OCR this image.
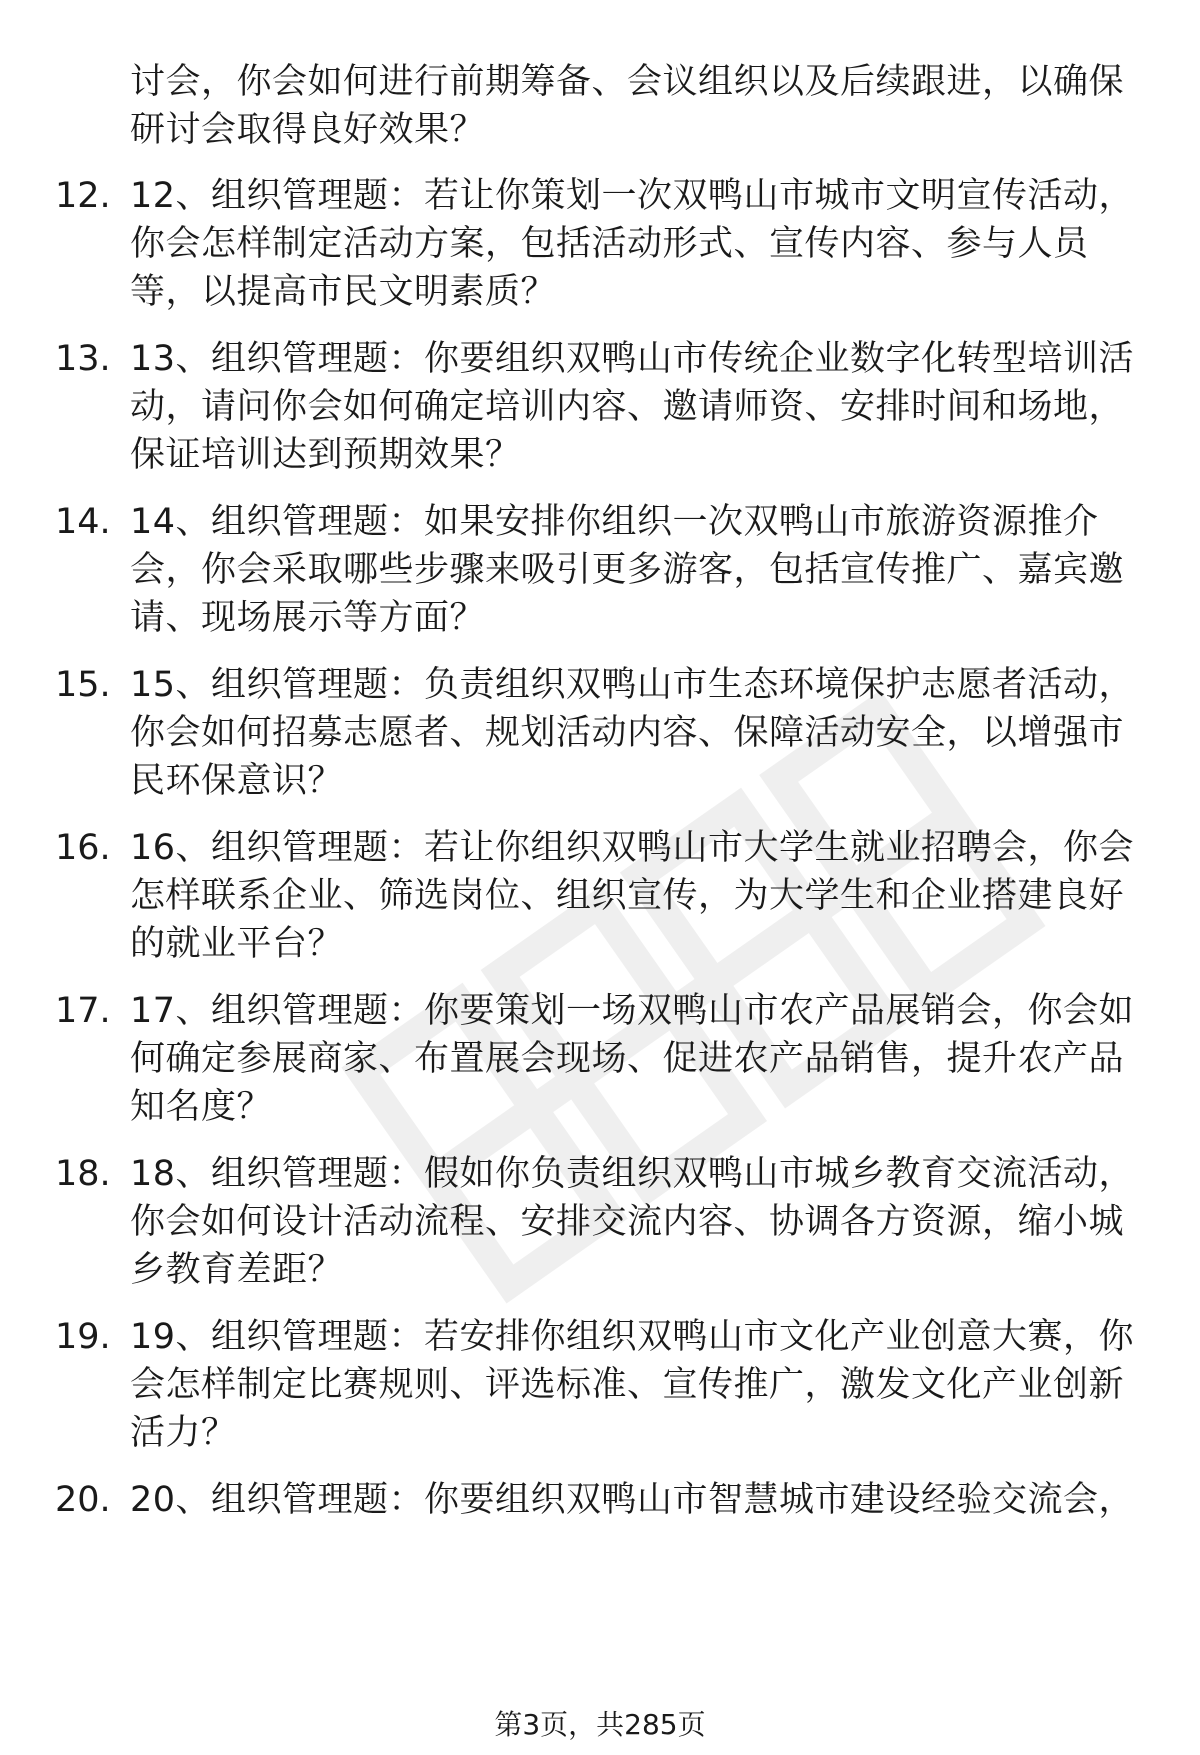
讨会，你会如何进行前期筹备、会议组织以及后续跟进，以确保研讨会取得良好效果？
12. 12、组织管理题：若让你策划一次双鸭山市城市文明宣传活动，你会怎样制定活动方案，包括活动形式、宣传内容、参与人员等，以提高市民文明素质？
13. 13、组织管理题：你要组织双鸭山市传统企业数字化转型培训活动，请问你会如何确定培训内容、邀请师资、安排时间和场地，保证培训达到预期效果？
14. 14、组织管理题：如果安排你组织一次双鸭山市旅游资源推介会，你会采取哪些步骤来吸引更多游客，包括宣传推广、嘉宾邀请、现场展示等方面？
15. 15、组织管理题：负责组织双鸭山市生态环境保护志愿者活动，你会如何招募志愿者、规划活动内容、保障活动安全，以增强市民环保意识？
16. 16、组织管理题：若让你组织双鸭山市大学生就业招聘会，你会怎样联系企业、筛选岗位、组织宣传，为大学生和企业搭建良好的就业平台？
17. 17、组织管理题：你要策划一场双鸭山市农产品展销会，你会如何确定参展商家、布置展会现场、促进农产品销售，提升农产品知名度？
18. 18、组织管理题：假如你负责组织双鸭山市城乡教育交流活动，你会如何设计活动流程、安排交流内容、协调各方资源，缩小城乡教育差距？
19. 19、组织管理题：若安排你组织双鸭山市文化产业创意大赛，你会怎样制定比赛规则、评选标准、宣传推广，激发文化产业创新活力？
20. 20、组织管理题：你要组织双鸭山市智慧城市建设经验交流会，
第3页，共285页
